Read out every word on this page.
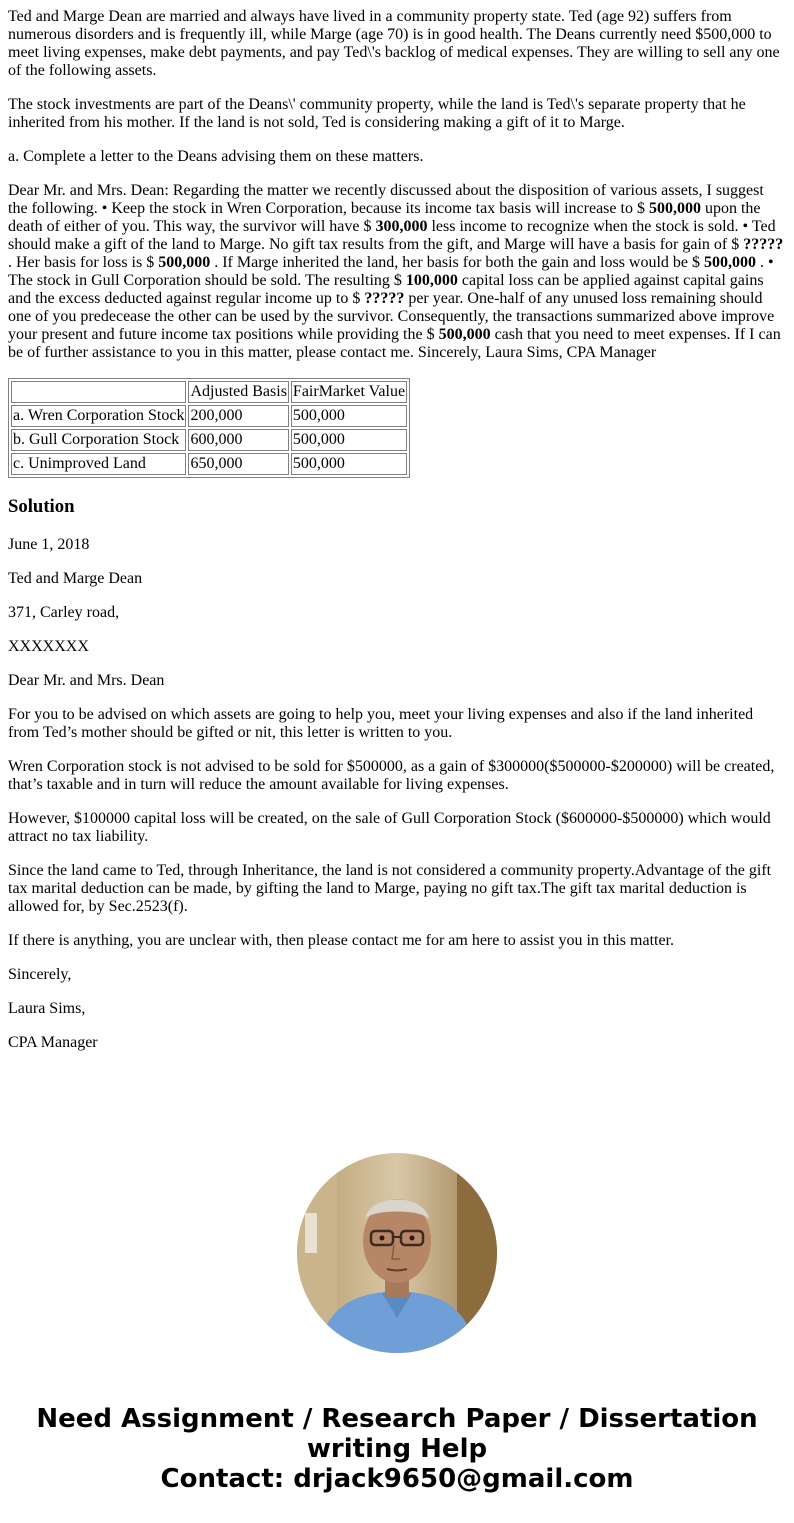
Ted and Marge Dean are married and always have lived in a community property state. Ted (age 92) suffers from numerous disorders and is frequently ill, while Marge (age 70) is in good health. The Deans currently need $500,000 to meet living expenses, make debt payments, and pay Ted\'s backlog of medical expenses. They are willing to sell any one of the following assets.

The stock investments are part of the Deans\' community property, while the land is Ted\'s separate property that he inherited from his mother. If the land is not sold, Ted is considering making a gift of it to Marge.

a. Complete a letter to the Deans advising them on these matters.

Dear Mr. and Mrs. Dean: Regarding the matter we recently discussed about the disposition of various assets, I suggest the following. • Keep the stock in Wren Corporation, because its income tax basis will increase to $ 500,000 upon the death of either of you. This way, the survivor will have $ 300,000 less income to recognize when the stock is sold. • Ted should make a gift of the land to Marge. No gift tax results from the gift, and Marge will have a basis for gain of $ ????? . Her basis for loss is $ 500,000 . If Marge inherited the land, her basis for both the gain and loss would be $ 500,000 . • The stock in Gull Corporation should be sold. The resulting $ 100,000 capital loss can be applied against capital gains and the excess deducted against regular income up to $ ????? per year. One-half of any unused loss remaining should one of you predecease the other can be used by the survivor. Consequently, the transactions summarized above improve your present and future income tax positions while providing the $ 500,000 cash that you need to meet expenses. If I can be of further assistance to you in this matter, please contact me. Sincerely, Laura Sims, CPA Manager

	Adjusted Basis	FairMarket Value
a. Wren Corporation Stock	200,000	500,000
b. Gull Corporation Stock	600,000	500,000
c. Unimproved Land	650,000	500,000
Solution

June 1, 2018

Ted and Marge Dean

371, Carley road,

XXXXXXX

Dear Mr. and Mrs. Dean

For you to be advised on which assets are going to help you, meet your living expenses and also if the land inherited from Ted’s mother should be gifted or nit, this letter is written to you.

Wren Corporation stock is not advised to be sold for $500000, as a gain of $300000($500000-$200000) will be created, that’s taxable and in turn will reduce the amount available for living expenses.

However, $100000 capital loss will be created, on the sale of Gull Corporation Stock ($600000-$500000) which would attract no tax liability.

Since the land came to Ted, through Inheritance, the land is not considered a community property.Advantage of the gift tax marital deduction can be made, by gifting the land to Marge, paying no gift tax.The gift tax marital deduction is allowed for, by Sec.2523(f).

If there is anything, you are unclear with, then please contact me for am here to assist you in this matter.

Sincerely,

Laura Sims,

CPA Manager

Need Assignment / Research Paper / Dissertation
writing Help
Contact: drjack9650@gmail.com
